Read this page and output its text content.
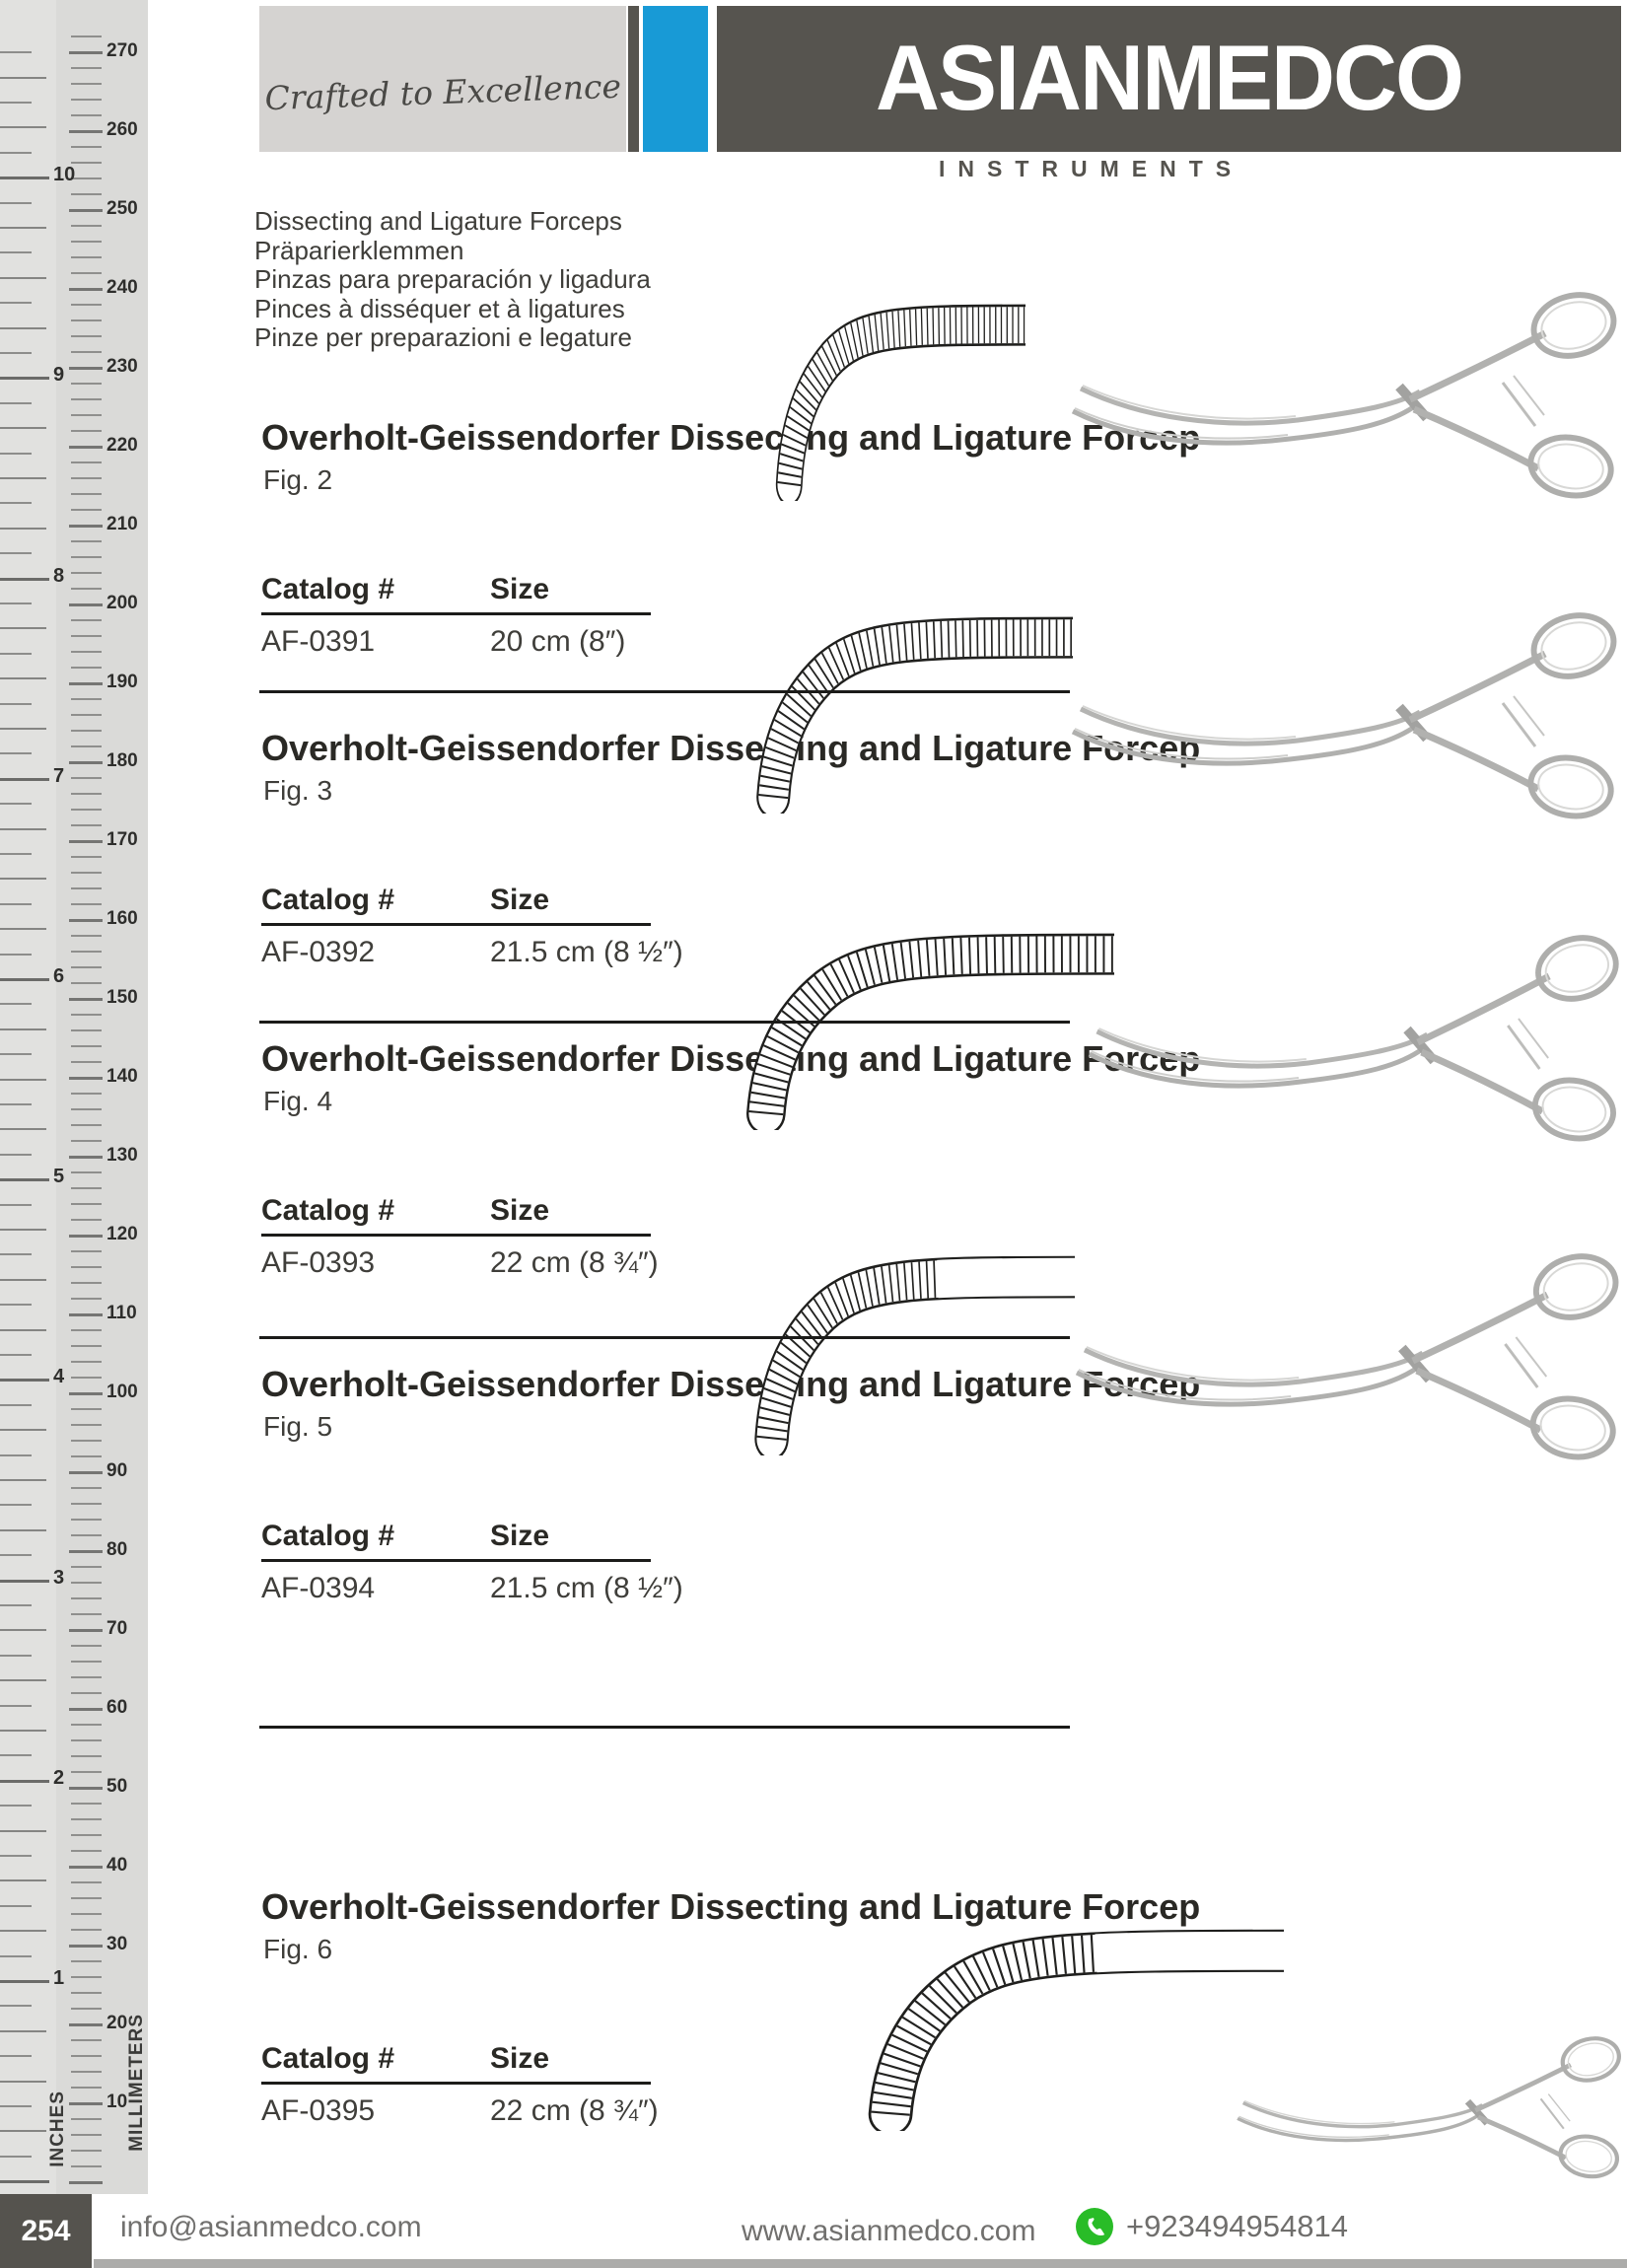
INCHES	MILLIMETERS
10
20
30
40
50
60
70
80
90
100
110
120
130
140
150
160
170
180
190
200
210
220
230
240
250
260
270
1
2
3
4
5
6
7
8
9
10
Crafted to Excellence	ASIANMEDCO
INSTRUMENTS
Dissecting and Ligature Forceps
Präparierklemmen
Pinzas para preparación y ligadura
Pinces à disséquer et à ligatures
Pinze per preparazioni e legature
Overholt-Geissendorfer Dissecting and Ligature Forcep
Fig. 2
Catalog #	Size
AF-0391	20 cm (8″)
Overholt-Geissendorfer Dissecting and Ligature Forcep
Fig. 3
Catalog #	Size
AF-0392	21.5 cm (8 ½″)
Overholt-Geissendorfer Dissecting and Ligature Forcep
Fig. 4
Catalog #	Size
AF-0393	22 cm (8 ¾″)
Overholt-Geissendorfer Dissecting and Ligature Forcep
Fig. 5
Catalog #	Size
AF-0394	21.5 cm (8 ½″)
Overholt-Geissendorfer Dissecting and Ligature Forcep
Fig. 6
Catalog #	Size
AF-0395	22 cm (8 ¾″)
254 info@asianmedco.com	www.asianmedco.com	+923494954814
